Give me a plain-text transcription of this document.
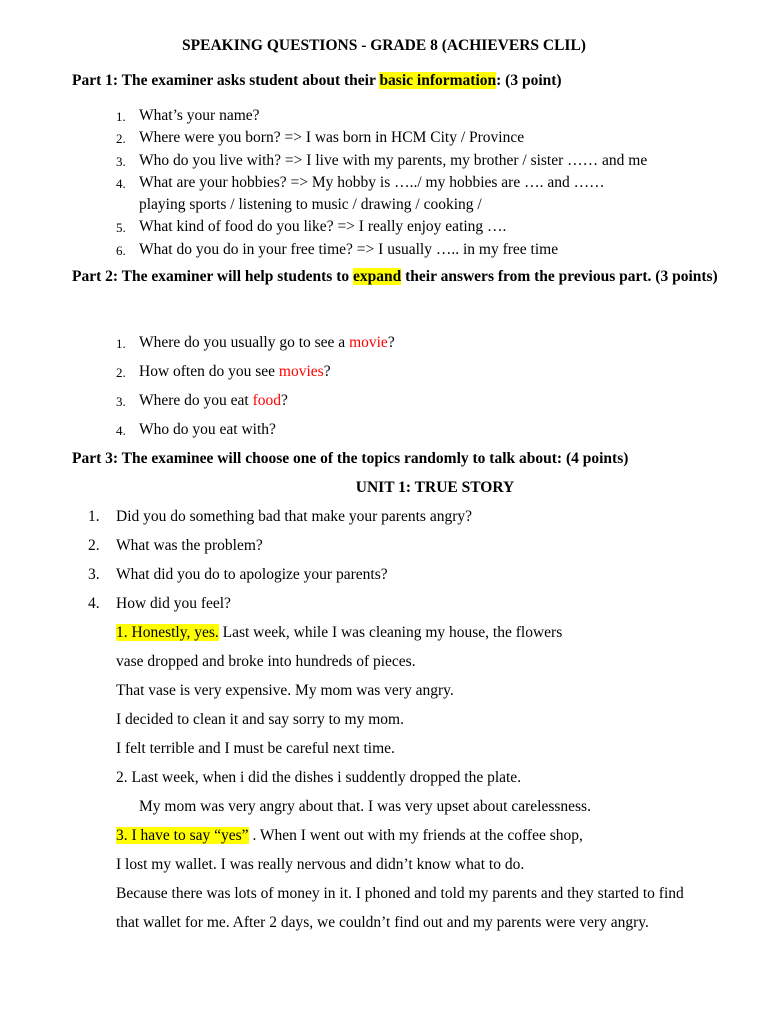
SPEAKING QUESTIONS - GRADE 8 (ACHIEVERS CLIL)
Part 1: The examiner asks student about their basic information: (3 point)
1. What’s your name?
2. Where were you born? => I was born in HCM City / Province
3. Who do you live with? => I live with my parents, my brother / sister …… and me
4. What are your hobbies? => My hobby is …../ my hobbies are …. and ……
playing sports / listening to music / drawing / cooking /
5. What kind of food do you like? => I really enjoy eating ….
6. What do you do in your free time? => I usually ….. in my free time
Part 2: The examiner will help students to expand their answers from the previous part. (3 points)
1. Where do you usually go to see a movie?
2. How often do you see movies?
3. Where do you eat food?
4. Who do you eat with?
Part 3: The examinee will choose one of the topics randomly to talk about: (4 points)
UNIT 1: TRUE STORY
1. Did you do something bad that make your parents angry?
2. What was the problem?
3. What did you do to apologize your parents?
4. How did you feel?
1. Honestly, yes. Last week, while I was cleaning my house, the flowers
vase dropped and broke into hundreds of pieces.
That vase is very expensive. My mom was very angry.
I decided to clean it and say sorry to my mom.
I felt terrible and I must be careful next time.
2. Last week, when i did the dishes i suddently dropped the plate.
My mom was very angry about that. I was very upset about carelessness.
3. I have to say “yes” . When I went out with my friends at the coffee shop,
I lost my wallet. I was really nervous and didn’t know what to do.
Because there was lots of money in it. I phoned and told my parents and they started to find
that wallet for me. After 2 days, we couldn’t find out and my parents were very angry.
